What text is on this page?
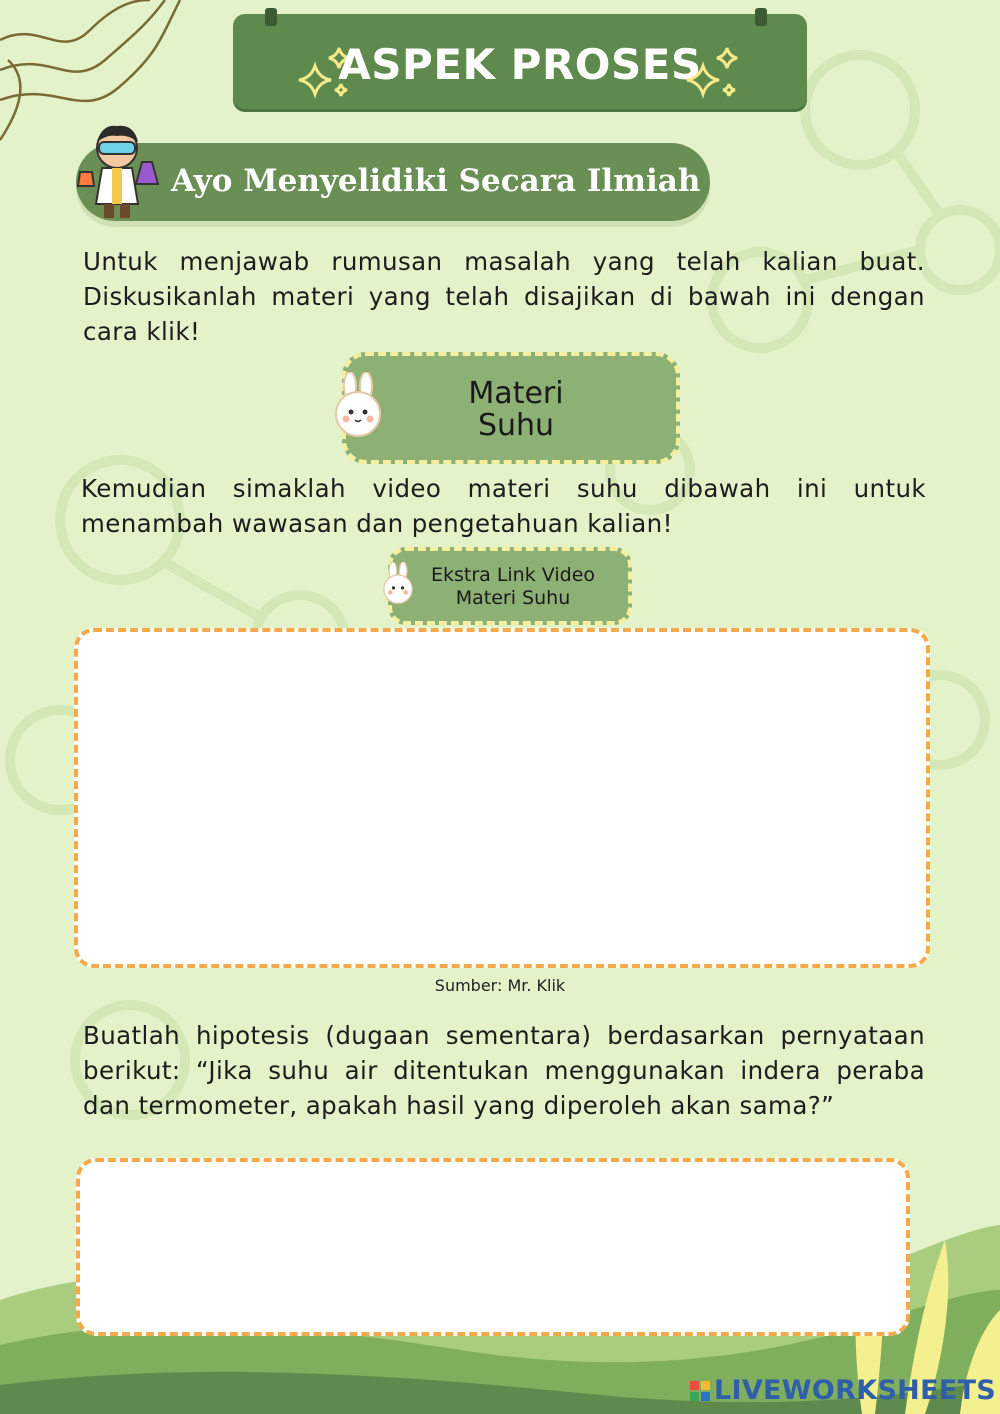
ASPEK PROSES
Ayo Menyelidiki Secara Ilmiah
Untuk menjawab rumusan masalah yang telah kalian buat. Diskusikanlah materi yang telah disajikan di bawah ini dengan cara klik!
Materi
Suhu
Kemudian simaklah video materi suhu dibawah ini untuk menambah wawasan dan pengetahuan kalian!
Ekstra Link Video
Materi Suhu
Sumber: Mr. Klik
Buatlah hipotesis (dugaan sementara) berdasarkan pernyataan berikut: “Jika suhu air ditentukan menggunakan indera peraba dan termometer, apakah hasil yang diperoleh akan sama?”
LIVEWORKSHEETS
